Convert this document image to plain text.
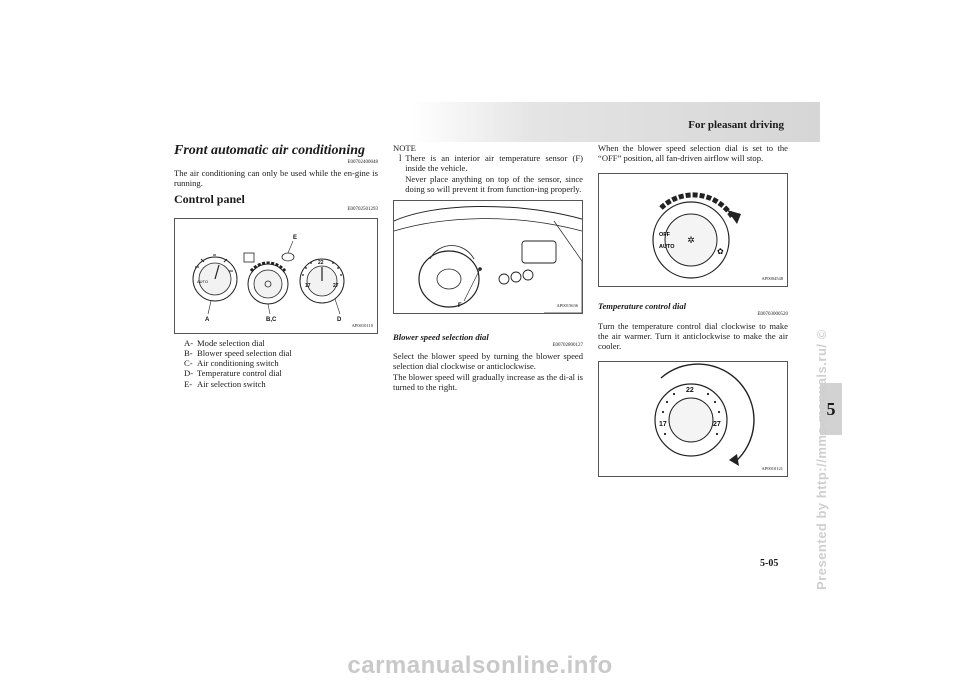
For pleasant driving
5
Presented by http://mmc-manuals.ru/ ©
5-05
carmanualsonline.info
Front automatic air conditioning
E00702400048

The air conditioning can only be used while the en-gine is running.

Control panel
E00702501293
AUTO
A	B,C	D
E
17
22
27
AP0010110
A- Mode selection dial
B- Blower speed selection dial
C- Air conditioning switch
D- Temperature control dial
E- Air selection switch
NOTE
l There is an interior air temperature sensor (F) inside the vehicle.

Never place anything on top of the sensor, since doing so will prevent it from function-ing properly.

F	AP0015636
Blower speed selection dial
E00702800127

Select the blower speed by turning the blower speed selection dial clockwise or anticlockwise.

The blower speed will gradually increase as the di-al is turned to the right.

When the blower speed selection dial is set to the “OFF” position, all fan-driven airflow will stop.

✲
✿
OFF
AUTO
AP0004548
Temperature control dial
E00703000520

Turn the temperature control dial clockwise to make the air warmer. Turn it anticlockwise to make the air cooler.

17
22
27
AP0010121
